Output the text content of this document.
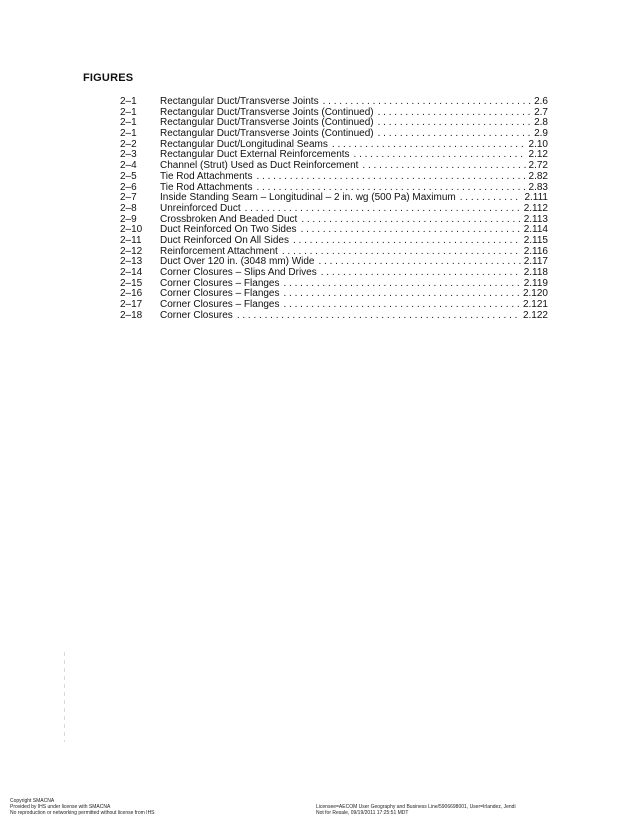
FIGURES
2–1	Rectangular Duct/Transverse Joints . . .	2.6
2–1	Rectangular Duct/Transverse Joints (Continued) . . .	2.7
2–1	Rectangular Duct/Transverse Joints (Continued) . . .	2.8
2–1	Rectangular Duct/Transverse Joints (Continued) . . .	2.9
2–2	Rectangular Duct/Longitudinal Seams . . .	2.10
2–3	Rectangular Duct External Reinforcements . . .	2.12
2–4	Channel (Strut) Used as Duct Reinforcement . . .	2.72
2–5	Tie Rod Attachments . . .	2.82
2–6	Tie Rod Attachments . . .	2.83
2–7	Inside Standing Seam – Longitudinal – 2 in. wg (500 Pa) Maximum . . .	2.111
2–8	Unreinforced Duct . . .	2.112
2–9	Crossbroken And Beaded Duct . . .	2.113
2–10	Duct Reinforced On Two Sides . . .	2.114
2–11	Duct Reinforced On All Sides . . .	2.115
2–12	Reinforcement Attachment . . .	2.116
2–13	Duct Over 120 in. (3048 mm) Wide . . .	2.117
2–14	Corner Closures – Slips And Drives . . .	2.118
2–15	Corner Closures – Flanges . . .	2.119
2–16	Corner Closures – Flanges . . .	2.120
2–17	Corner Closures – Flanges . . .	2.121
2–18	Corner Closures . . .	2.122
Copyright SMACNA
Provided by IHS under license with SMACNA
No reproduction or networking permitted without license from IHS
Licensee=AECOM User Geography and Business Line/5906698001, User=Irlandez, Jendi
Not for Resale, 09/19/2011 17:25:51 MDT
